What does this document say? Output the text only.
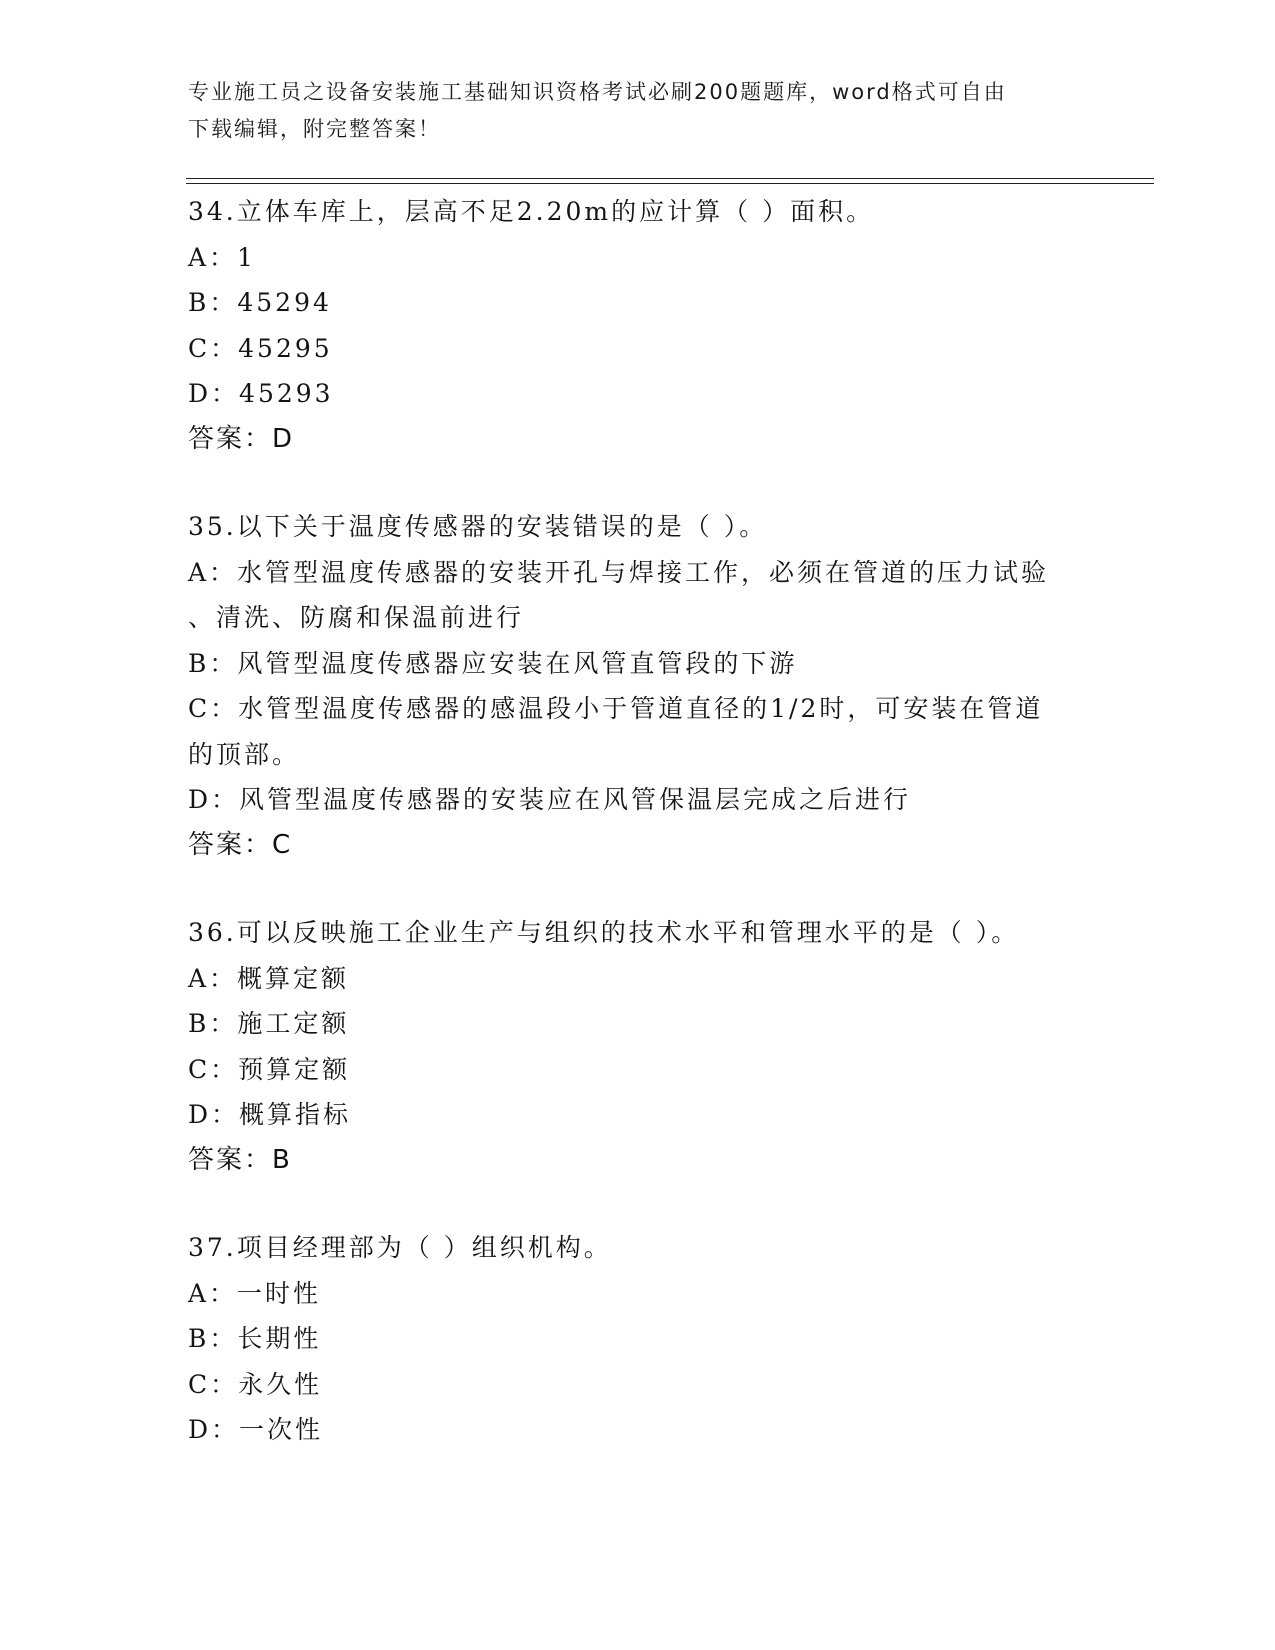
专业施工员之设备安装施工基础知识资格考试必刷200题题库，word格式可自由
下载编辑，附完整答案！
34.立体车库上，层高不足2.20m的应计算（ ）面积。
A：1
B：45294
C：45295
D：45293
答案：D
35.以下关于温度传感器的安装错误的是（ ）。
A：水管型温度传感器的安装开孔与焊接工作，必须在管道的压力试验
、清洗、防腐和保温前进行
B：风管型温度传感器应安装在风管直管段的下游
C：水管型温度传感器的感温段小于管道直径的1/2时，可安装在管道
的顶部。
D：风管型温度传感器的安装应在风管保温层完成之后进行
答案：C
36.可以反映施工企业生产与组织的技术水平和管理水平的是（ ）。
A：概算定额
B：施工定额
C：预算定额
D：概算指标
答案：B
37.项目经理部为（ ）组织机构。
A：一时性
B：长期性
C：永久性
D：一次性
